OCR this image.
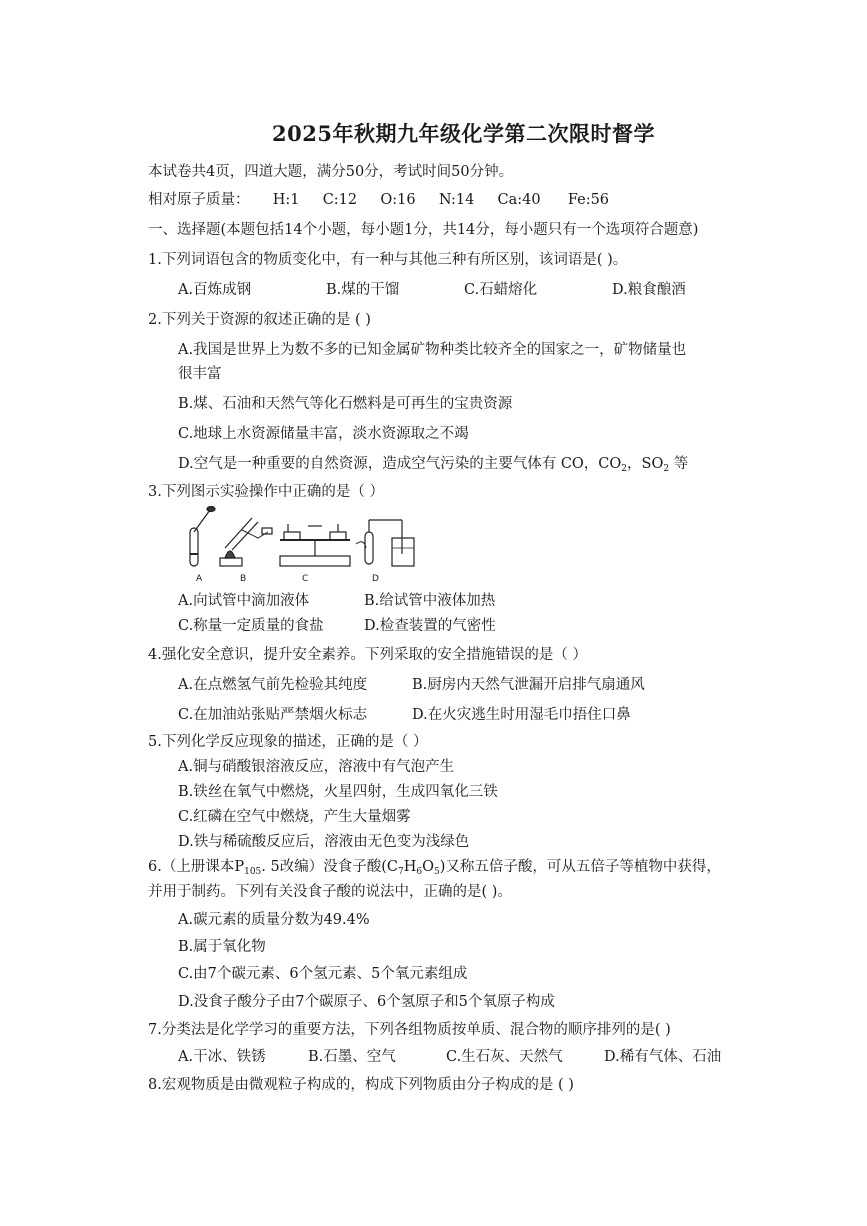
2025年秋期九年级化学第二次限时督学
本试卷共4页，四道大题，满分50分，考试时间50分钟。
相对原子质量： H:1 C:12 O:16 N:14 Ca:40 Fe:56
一、选择题(本题包括14个小题，每小题1分，共14分，每小题只有一个选项符合题意)
1.下列词语包含的物质变化中，有一种与其他三种有所区别，该词语是( )。
A.百炼成钢	B.煤的干馏	C.石蜡熔化	D.粮食酿酒
2.下列关于资源的叙述正确的是 ( )
A.我国是世界上为数不多的已知金属矿物种类比较齐全的国家之一，矿物储量也
很丰富
B.煤、石油和天然气等化石燃料是可再生的宝贵资源
C.地球上水资源储量丰富，淡水资源取之不竭
D.空气是一种重要的自然资源，造成空气污染的主要气体有 CO，$CO_2$，$SO_2$ 等
3.下列图示实验操作中正确的是（ ）
A	B	C	D
A.向试管中滴加液体	B.给试管中液体加热
C.称量一定质量的食盐	D.检查装置的气密性
4.强化安全意识，提升安全素养。下列采取的安全措施错误的是（ ）
A.在点燃氢气前先检验其纯度	B.厨房内天然气泄漏开启排气扇通风
C.在加油站张贴严禁烟火标志	D.在火灾逃生时用湿毛巾捂住口鼻
5.下列化学反应现象的描述，正确的是（ ）
A.铜与硝酸银溶液反应，溶液中有气泡产生
B.铁丝在氧气中燃烧，火星四射，生成四氧化三铁
C.红磷在空气中燃烧，产生大量烟雾
D.铁与稀硫酸反应后，溶液由无色变为浅绿色
6.（上册课本$P_{105}$. 5改编）没食子酸$(C_7H_6O_5)$又称五倍子酸，可从五倍子等植物中获得，
并用于制药。下列有关没食子酸的说法中，正确的是( )。
A.碳元素的质量分数为49.4%
B.属于氧化物
C.由7个碳元素、6个氢元素、5个氧元素组成
D.没食子酸分子由7个碳原子、6个氢原子和5个氧原子构成
7.分类法是化学学习的重要方法，下列各组物质按单质、混合物的顺序排列的是( )
A.干冰、铁锈	B.石墨、空气	C.生石灰、天然气	D.稀有气体、石油
8.宏观物质是由微观粒子构成的，构成下列物质由分子构成的是 ( )
